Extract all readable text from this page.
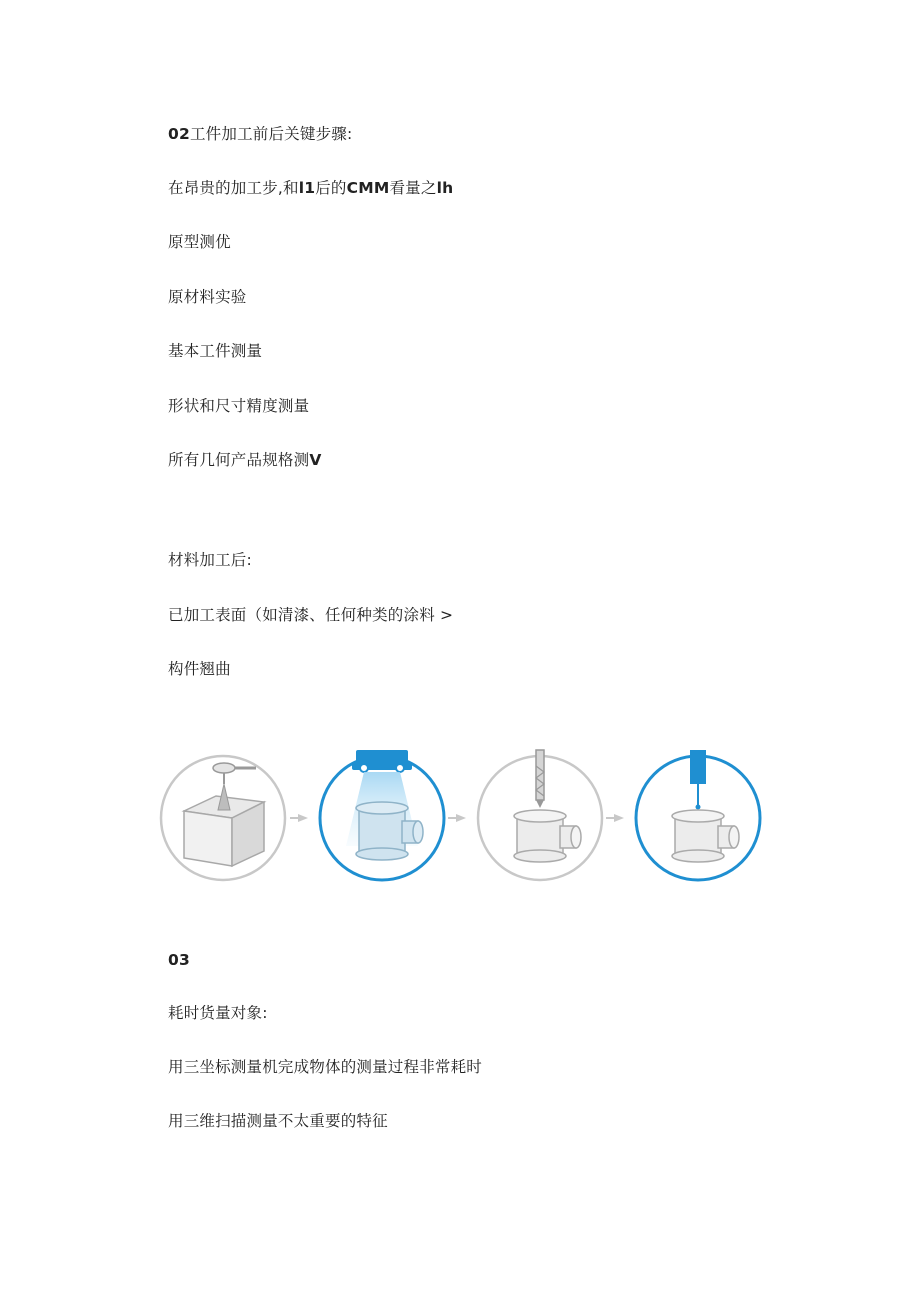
02工件加工前后关键步骤:
在昂贵的加工步,和l1后的CMM看量之lh
原型测优
原材料实验
基本工件测量
形状和尺寸精度测量
所有几何产品规格测V
材料加工后:
已加工表面（如清漆、任何种类的涂料 >
构件翘曲
03
耗时货量对象:
用三坐标测量机完成物体的测量过程非常耗时
用三维扫描测量不太重要的特征
